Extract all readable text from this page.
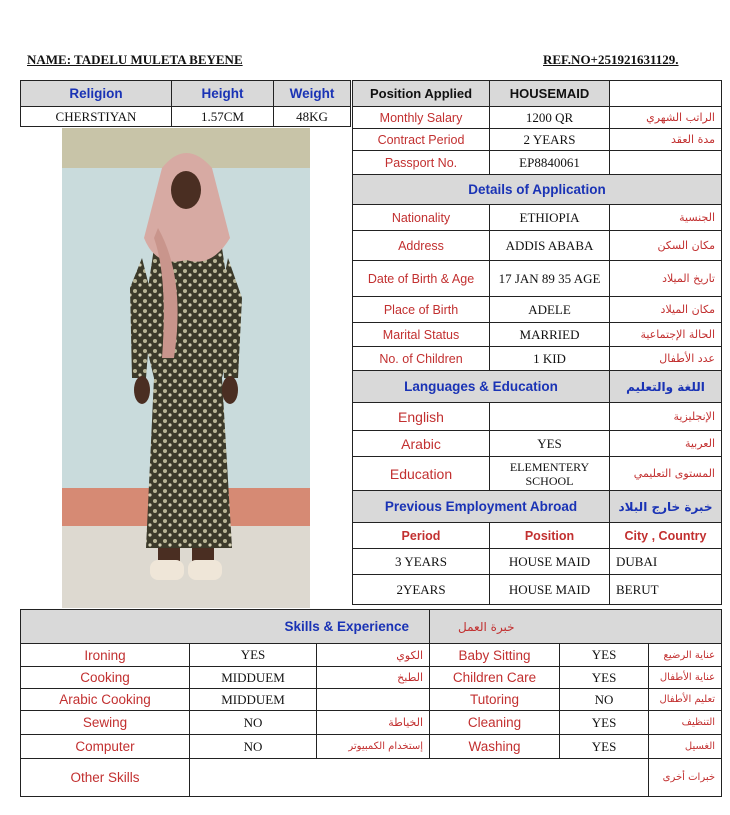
NAME: TADELU MULETA BEYENE	REF.NO+251921631129.
Religion	Height	Weight
CHERSTIYAN	1.57CM	48KG
Position Applied	HOUSEMAID	
Monthly Salary	1200 QR	الراتب الشهري
Contract Period	2 YEARS	مدة العقد
Passport No.	EP8840061	
Details of Application		
Nationality	ETHIOPIA	الجنسية
Address	ADDIS ABABA	مكان السكن
Date of Birth & Age	17 JAN 89 35 AGE	تاريخ الميلاد
Place of Birth	ADELE	مكان الميلاد
Marital Status	MARRIED	الحالة الإجتماعية
No. of Children	1 KID	عدد الأطفال
Languages & Education		اللغة والتعليم
English		الإنجليزية
Arabic	YES	العربية
Education	ELEMENTERY SCHOOL	المستوى التعليمي
Previous Employment Abroad		خبرة خارج البلاد
Period	Position	City , Country
3 YEARS	HOUSE MAID	DUBAI
2YEARS	HOUSE MAID	BERUT
Skills & Experience			خبرة العمل		
Ironing	YES	الكوي	Baby Sitting	YES	عناية الرضيع
Cooking	MIDDUEM	الطبخ	Children Care	YES	عناية الأطفال
Arabic Cooking	MIDDUEM		Tutoring	NO	تعليم الأطفال
Sewing	NO	الخياطة	Cleaning	YES	التنظيف
Computer	NO	إستخدام الكمبيوتر	Washing	YES	الغسيل
Other Skills					خبرات أخرى
